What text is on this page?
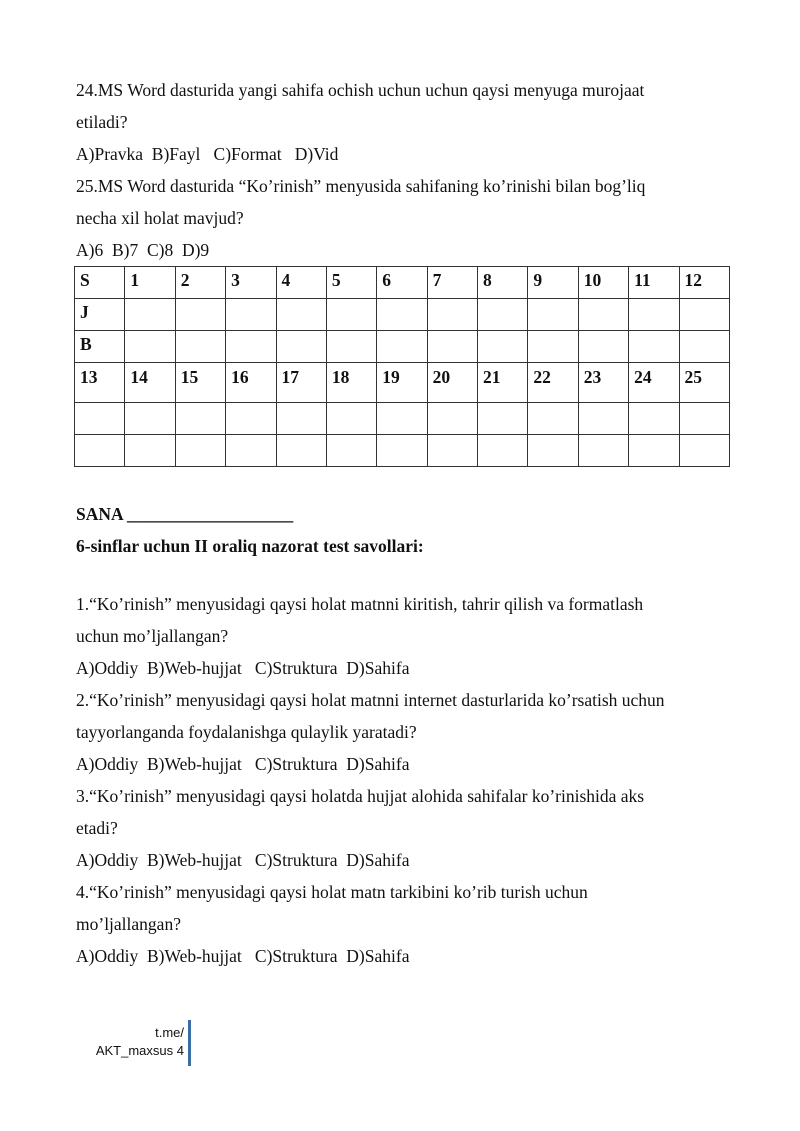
24.MS Word dasturida yangi sahifa ochish uchun uchun qaysi menyuga murojaat

etiladi?

A)Pravka  B)Fayl   C)Format   D)Vid

25.MS Word dasturida “Ko’rinish” menyusida sahifaning ko’rinishi bilan bog’liq

necha xil holat mavjud?

A)6  B)7  C)8  D)9

S	1	2	3	4	5	6	7	8	9	10	11	12
J												
B												
13	14	15	16	17	18	19	20	21	22	23	24	25

SANA ___________________

6-sinflar uchun II oraliq nazorat test savollari:

1.“Ko’rinish” menyusidagi qaysi holat matnni kiritish, tahrir qilish va formatlash

uchun mo’ljallangan?

A)Oddiy  B)Web-hujjat   C)Struktura  D)Sahifa

2.“Ko’rinish” menyusidagi qaysi holat matnni internet dasturlarida ko’rsatish uchun

tayyorlanganda foydalanishga qulaylik yaratadi?

A)Oddiy  B)Web-hujjat   C)Struktura  D)Sahifa

3.“Ko’rinish” menyusidagi qaysi holatda hujjat alohida sahifalar ko’rinishida aks

etadi?

A)Oddiy  B)Web-hujjat   C)Struktura  D)Sahifa

4.“Ko’rinish” menyusidagi qaysi holat matn tarkibini ko’rib turish uchun

mo’ljallangan?

A)Oddiy  B)Web-hujjat   C)Struktura  D)Sahifa

t.me/
AKT_maxsus 4
